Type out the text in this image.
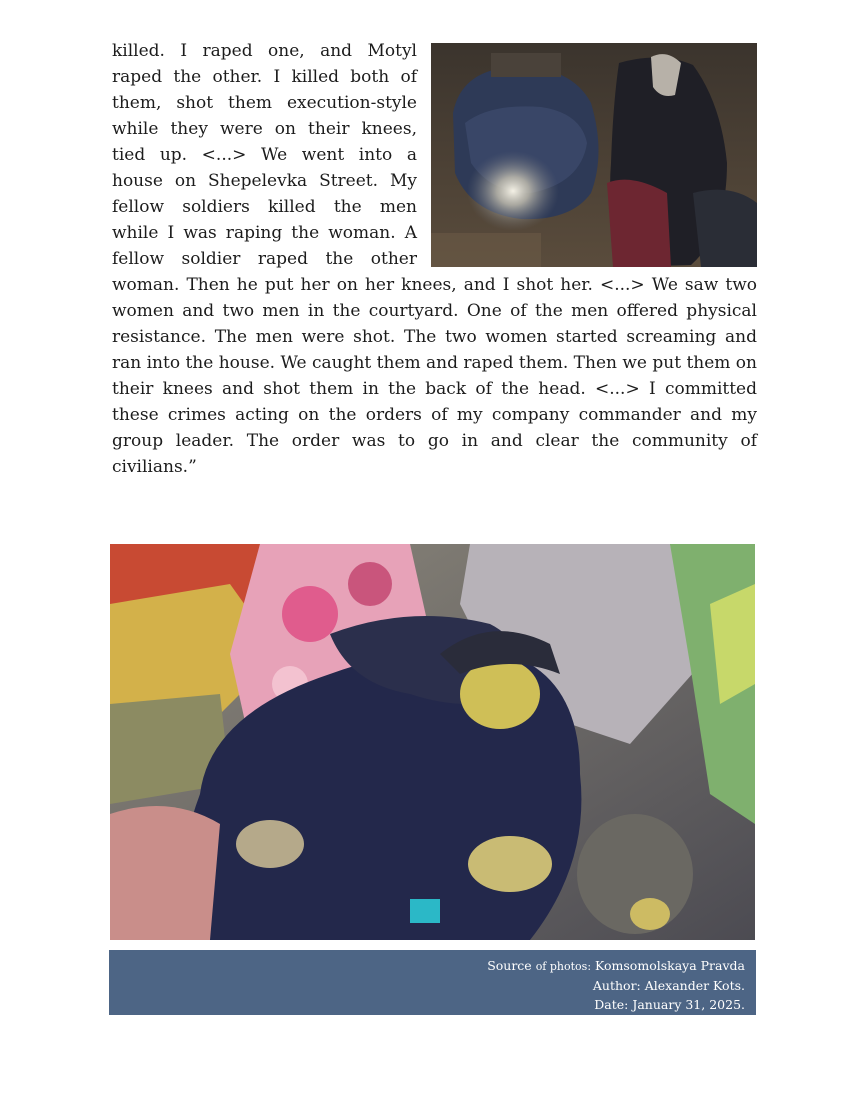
killed. I raped one, and Motyl raped the other. I killed both of them, shot them execution-style while they were on their knees, tied up. <...> We went into a house on Shepelevka Street. My fellow soldiers killed the men while I was raping the woman. A fellow soldier raped the other woman. Then he put her on her knees, and I shot her. <...> We saw two women and two men in the courtyard. One of the men offered physical resistance. The men were shot. The two women started screaming and ran into the house. We caught them and raped them. Then we put them on their knees and shot them in the back of the head. <...> I committed these crimes acting on the orders of my company commander and my group leader. The order was to go in and clear the community of civilians.”

Source of photos: Komsomolskaya Pravda
Author: Alexander Kots.
Date: January 31, 2025.
